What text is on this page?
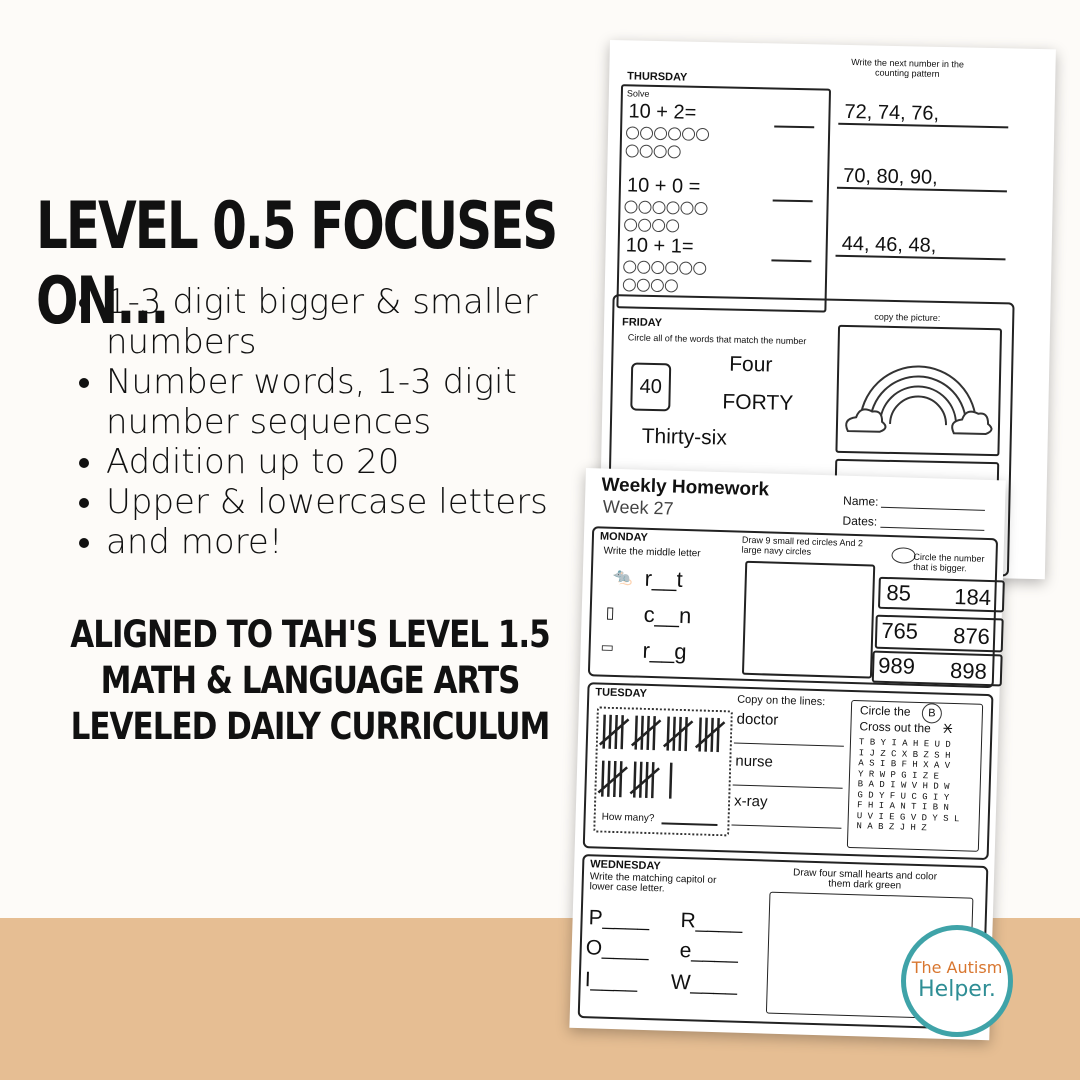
LEVEL 0.5 FOCUSES ON...
• 1-3 digit bigger & smaller numbers
• Number words, 1-3 digit number sequences
• Addition up to 20
• Upper & lowercase letters
• and more!
ALIGNED TO TAH'S LEVEL 1.5
MATH & LANGUAGE ARTS
LEVELED DAILY CURRICULUM
THURSDAY
Write the next number in the counting pattern
Solve
10 + 2=
10 + 0 =
10 + 1=
72, 74, 76,
70, 80, 90,
44, 46, 48,
FRIDAY
Circle all of the words that match the number
40
Four
FORTY
Thirty-six
copy the picture:
Weekly Homework
Week 27	Name:
Dates:
MONDAY
Write the middle letter
🐀 r__t
▯ c__n
▭ r__g
Draw 9 small red circles And 2 large navy circles
Circle the number that is bigger.
85 184
765 876
989 898
TUESDAY
How many?
Copy on the lines:
doctor
nurse
x-ray
Circle the	B
Cross out the X
T B Y I A H E U D
I J Z C X B Z S H
A S I B F H X A V
Y R W P G I Z E
B A D I W V H D W
G D Y F U C G I Y
F H I A N T I B N
U V I E G V D Y S L
N A B Z J H Z
WEDNESDAY
Write the matching capitol or lower case letter.
P____ R____
O____ e____
I____ W____
Draw four small hearts and color them dark green
The Autism
Helper.
